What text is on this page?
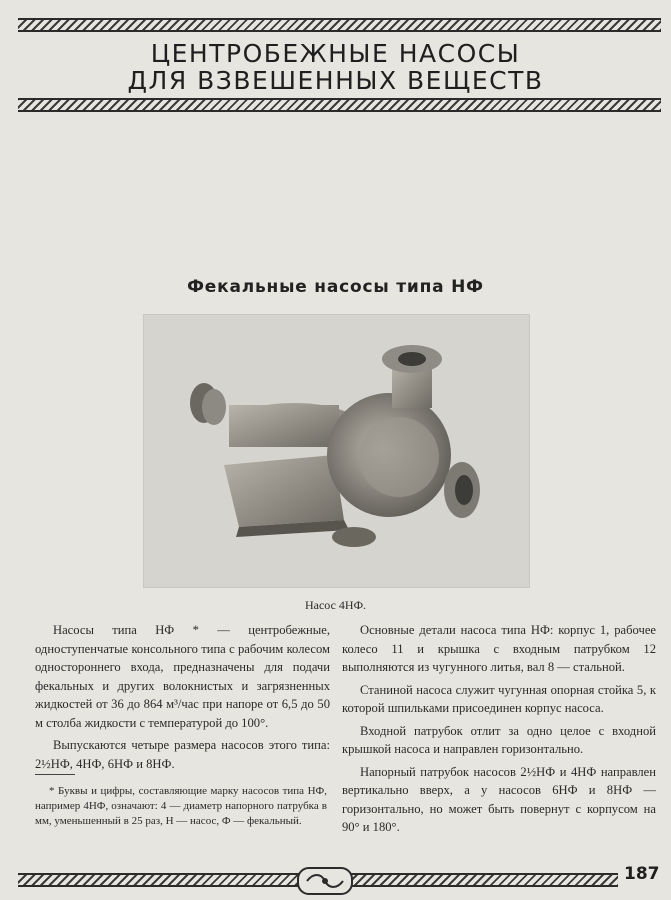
ЦЕНТРОБЕЖНЫЕ НАСОСЫ
ДЛЯ ВЗВЕШЕННЫХ ВЕЩЕСТВ
Фекальные насосы типа НФ
Насос 4НФ.

Насосы типа НФ * — центробежные, одноступенчатые консольного типа с рабочим колесом одностороннего входа, предназначены для подачи фекальных и других волокнистых и загрязненных жидкостей от 36 до 864 м³/час при напоре от 6,5 до 50 м столба жидкости с температурой до 100°.

Выпускаются четыре размера насосов этого типа: 2½НФ, 4НФ, 6НФ и 8НФ.

* Буквы и цифры, составляющие марку насосов типа НФ, например 4НФ, означают: 4 — диаметр напорного патрубка в мм, уменьшенный в 25 раз, Н — насос, Ф — фекальный.

Основные детали насоса типа НФ: корпус 1, рабочее колесо 11 и крышка с входным патрубком 12 выполняются из чугунного литья, вал 8 — стальной.

Станиной насоса служит чугунная опорная стойка 5, к которой шпильками присоединен корпус насоса.

Входной патрубок отлит за одно целое с входной крышкой насоса и направлен горизонтально.

Напорный патрубок насосов 2½НФ и 4НФ направлен вертикально вверх, а у насосов 6НФ и 8НФ — горизонтально, но может быть повернут с корпусом на 90° и 180°.

187
